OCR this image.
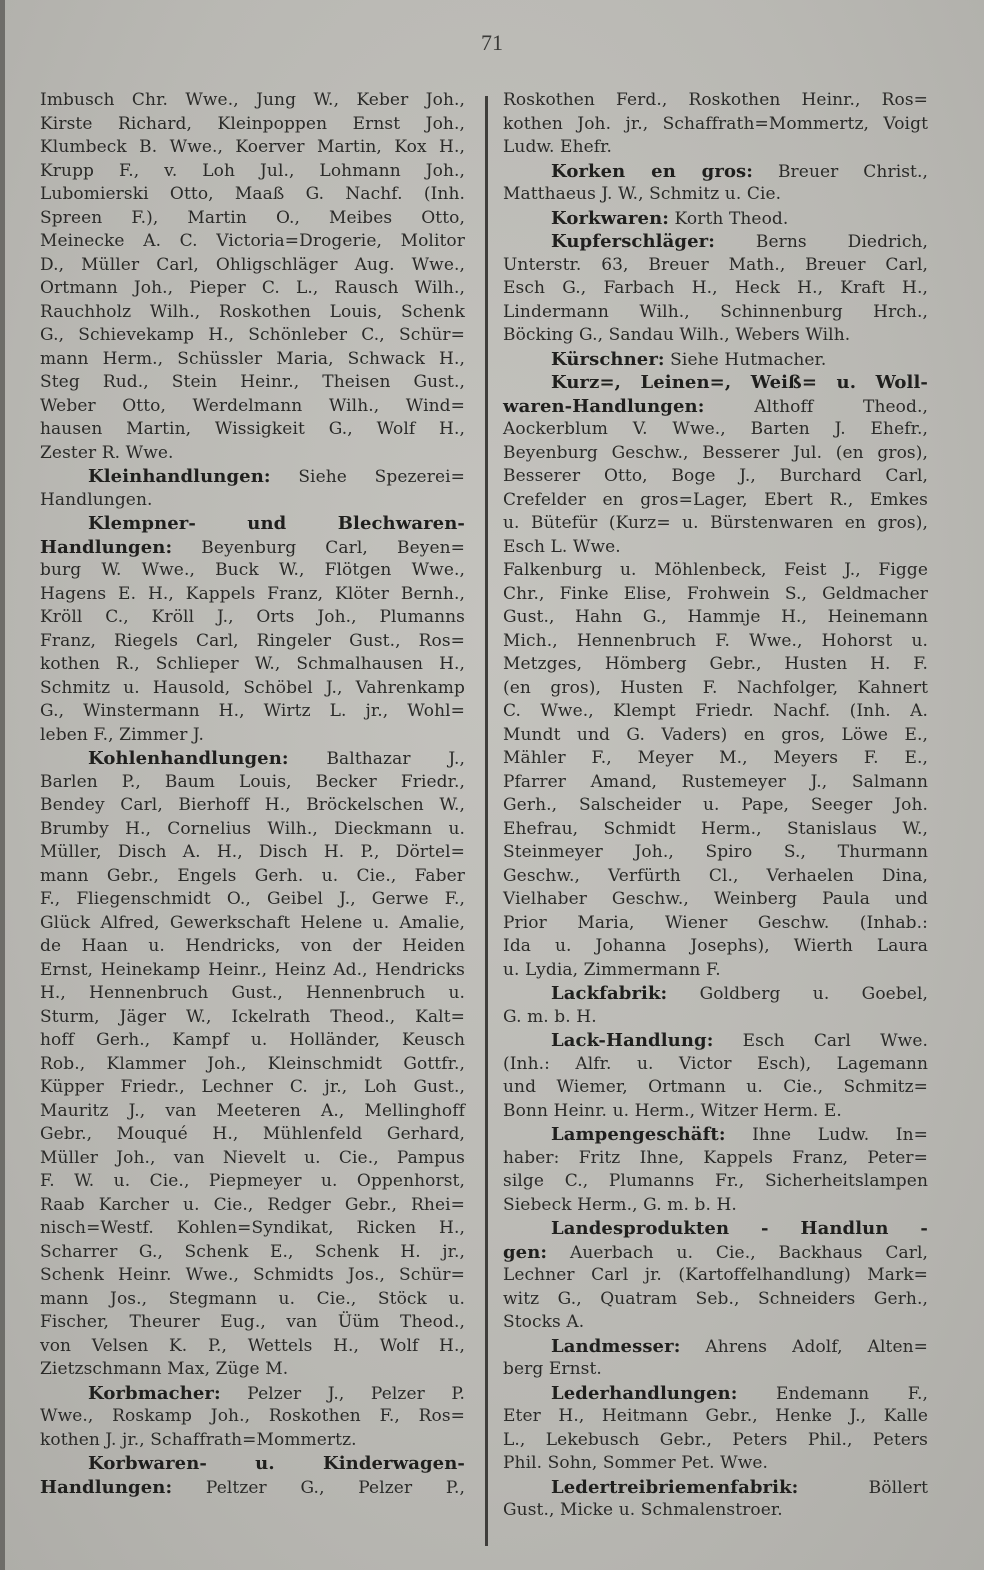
71
Imbusch Chr. Wwe., Jung W., Keber Joh.,
Kirste Richard, Kleinpoppen Ernst Joh.,
Klumbeck B. Wwe., Koerver Martin, Kox H.,
Krupp F., v. Loh Jul., Lohmann Joh.,
Lubomierski Otto, Maaß G. Nachf. (Inh.
Spreen F.), Martin O., Meibes Otto,
Meinecke A. C. Victoria=Drogerie, Molitor
D., Müller Carl, Ohligschläger Aug. Wwe.,
Ortmann Joh., Pieper C. L., Rausch Wilh.,
Rauchholz Wilh., Roskothen Louis, Schenk
G., Schievekamp H., Schönleber C., Schür=
mann Herm., Schüssler Maria, Schwack H.,
Steg Rud., Stein Heinr., Theisen Gust.,
Weber Otto, Werdelmann Wilh., Wind=
hausen Martin, Wissigkeit G., Wolf H.,
Zester R. Wwe.
Kleinhandlungen: Siehe Spezerei=
Handlungen.
Klempner- und Blechwaren-
Handlungen: Beyenburg Carl, Beyen=
burg W. Wwe., Buck W., Flötgen Wwe.,
Hagens E. H., Kappels Franz, Klöter Bernh.,
Kröll C., Kröll J., Orts Joh., Plumanns
Franz, Riegels Carl, Ringeler Gust., Ros=
kothen R., Schlieper W., Schmalhausen H.,
Schmitz u. Hausold, Schöbel J., Vahrenkamp
G., Winstermann H., Wirtz L. jr., Wohl=
leben F., Zimmer J.
Kohlenhandlungen: Balthazar J.,
Barlen P., Baum Louis, Becker Friedr.,
Bendey Carl, Bierhoff H., Bröckelschen W.,
Brumby H., Cornelius Wilh., Dieckmann u.
Müller, Disch A. H., Disch H. P., Dörtel=
mann Gebr., Engels Gerh. u. Cie., Faber
F., Fliegenschmidt O., Geibel J., Gerwe F.,
Glück Alfred, Gewerkschaft Helene u. Amalie,
de Haan u. Hendricks, von der Heiden
Ernst, Heinekamp Heinr., Heinz Ad., Hendricks
H., Hennenbruch Gust., Hennenbruch u.
Sturm, Jäger W., Ickelrath Theod., Kalt=
hoff Gerh., Kampf u. Holländer, Keusch
Rob., Klammer Joh., Kleinschmidt Gottfr.,
Küpper Friedr., Lechner C. jr., Loh Gust.,
Mauritz J., van Meeteren A., Mellinghoff
Gebr., Mouqué H., Mühlenfeld Gerhard,
Müller Joh., van Nievelt u. Cie., Pampus
F. W. u. Cie., Piepmeyer u. Oppenhorst,
Raab Karcher u. Cie., Redger Gebr., Rhei=
nisch=Westf. Kohlen=Syndikat, Ricken H.,
Scharrer G., Schenk E., Schenk H. jr.,
Schenk Heinr. Wwe., Schmidts Jos., Schür=
mann Jos., Stegmann u. Cie., Stöck u.
Fischer, Theurer Eug., van Üüm Theod.,
von Velsen K. P., Wettels H., Wolf H.,
Zietzschmann Max, Züge M.
Korbmacher: Pelzer J., Pelzer P.
Wwe., Roskamp Joh., Roskothen F., Ros=
kothen J. jr., Schaffrath=Mommertz.
Korbwaren- u. Kinderwagen-
Handlungen: Peltzer G., Pelzer P.,
Roskothen Ferd., Roskothen Heinr., Ros=
kothen Joh. jr., Schaffrath=Mommertz, Voigt
Ludw. Ehefr.
Korken en gros: Breuer Christ.,
Matthaeus J. W., Schmitz u. Cie.
Korkwaren: Korth Theod.
Kupferschläger: Berns Diedrich,
Unterstr. 63, Breuer Math., Breuer Carl,
Esch G., Farbach H., Heck H., Kraft H.,
Lindermann Wilh., Schinnenburg Hrch.,
Böcking G., Sandau Wilh., Webers Wilh.
Kürschner: Siehe Hutmacher.
Kurz=, Leinen=, Weiß= u. Woll-
waren-Handlungen: Althoff Theod.,
Aockerblum V. Wwe., Barten J. Ehefr.,
Beyenburg Geschw., Besserer Jul. (en gros),
Besserer Otto, Boge J., Burchard Carl,
Crefelder en gros=Lager, Ebert R., Emkes
u. Bütefür (Kurz= u. Bürstenwaren en gros),
Esch L. Wwe.
Falkenburg u. Möhlenbeck, Feist J., Figge
Chr., Finke Elise, Frohwein S., Geldmacher
Gust., Hahn G., Hammje H., Heinemann
Mich., Hennenbruch F. Wwe., Hohorst u.
Metzges, Hömberg Gebr., Husten H. F.
(en gros), Husten F. Nachfolger, Kahnert
C. Wwe., Klempt Friedr. Nachf. (Inh. A.
Mundt und G. Vaders) en gros, Löwe E.,
Mähler F., Meyer M., Meyers F. E.,
Pfarrer Amand, Rustemeyer J., Salmann
Gerh., Salscheider u. Pape, Seeger Joh.
Ehefrau, Schmidt Herm., Stanislaus W.,
Steinmeyer Joh., Spiro S., Thurmann
Geschw., Verfürth Cl., Verhaelen Dina,
Vielhaber Geschw., Weinberg Paula und
Prior Maria, Wiener Geschw. (Inhab.:
Ida u. Johanna Josephs), Wierth Laura
u. Lydia, Zimmermann F.
Lackfabrik: Goldberg u. Goebel,
G. m. b. H.
Lack-Handlung: Esch Carl Wwe.
(Inh.: Alfr. u. Victor Esch), Lagemann
und Wiemer, Ortmann u. Cie., Schmitz=
Bonn Heinr. u. Herm., Witzer Herm. E.
Lampengeschäft: Ihne Ludw. In=
haber: Fritz Ihne, Kappels Franz, Peter=
silge C., Plumanns Fr., Sicherheitslampen
Siebeck Herm., G. m. b. H.
Landesprodukten - Handlun -
gen: Auerbach u. Cie., Backhaus Carl,
Lechner Carl jr. (Kartoffelhandlung) Mark=
witz G., Quatram Seb., Schneiders Gerh.,
Stocks A.
Landmesser: Ahrens Adolf, Alten=
berg Ernst.
Lederhandlungen: Endemann F.,
Eter H., Heitmann Gebr., Henke J., Kalle
L., Lekebusch Gebr., Peters Phil., Peters
Phil. Sohn, Sommer Pet. Wwe.
Ledertreibriemenfabrik: Böllert
Gust., Micke u. Schmalenstroer.
